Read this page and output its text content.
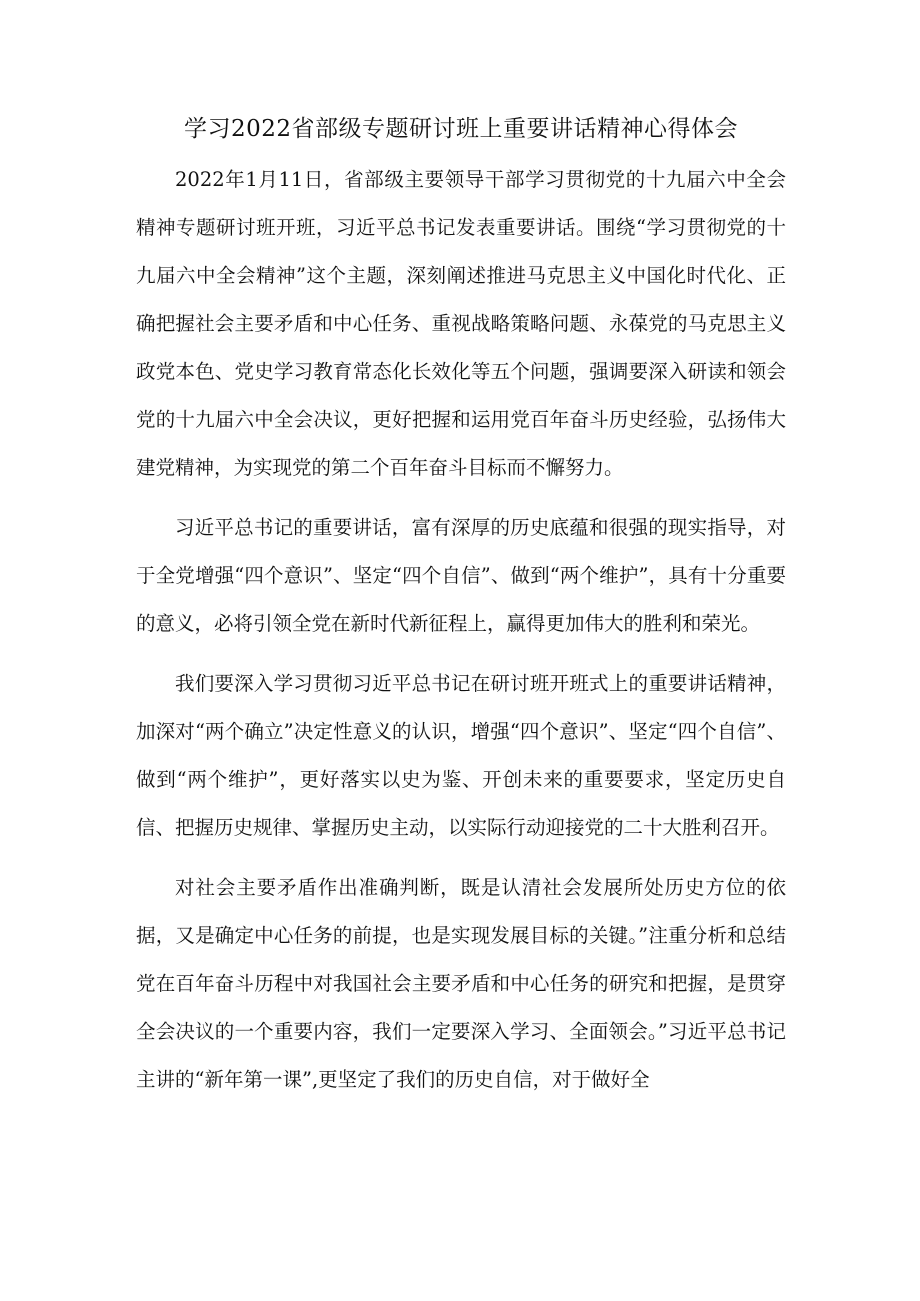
学习2022省部级专题研讨班上重要讲话精神心得体会

2022年1月11日，省部级主要领导干部学习贯彻党的十九届六中全会精神专题研讨班开班，习近平总书记发表重要讲话。围绕“学习贯彻党的十九届六中全会精神”这个主题，深刻阐述推进马克思主义中国化时代化、正确把握社会主要矛盾和中心任务、重视战略策略问题、永葆党的马克思主义政党本色、党史学习教育常态化长效化等五个问题，强调要深入研读和领会党的十九届六中全会决议，更好把握和运用党百年奋斗历史经验，弘扬伟大建党精神，为实现党的第二个百年奋斗目标而不懈努力。

习近平总书记的重要讲话，富有深厚的历史底蕴和很强的现实指导，对于全党增强“四个意识”、坚定“四个自信”、做到“两个维护”，具有十分重要的意义，必将引领全党在新时代新征程上，赢得更加伟大的胜利和荣光。

我们要深入学习贯彻习近平总书记在研讨班开班式上的重要讲话精神，加深对“两个确立”决定性意义的认识，增强“四个意识”、坚定“四个自信”、做到“两个维护”，更好落实以史为鉴、开创未来的重要要求，坚定历史自信、把握历史规律、掌握历史主动，以实际行动迎接党的二十大胜利召开。

对社会主要矛盾作出准确判断，既是认清社会发展所处历史方位的依据，又是确定中心任务的前提，也是实现发展目标的关键。”注重分析和总结党在百年奋斗历程中对我国社会主要矛盾和中心任务的研究和把握，是贯穿全会决议的一个重要内容，我们一定要深入学习、全面领会。”习近平总书记主讲的“新年第一课”,更坚定了我们的历史自信，对于做好全
